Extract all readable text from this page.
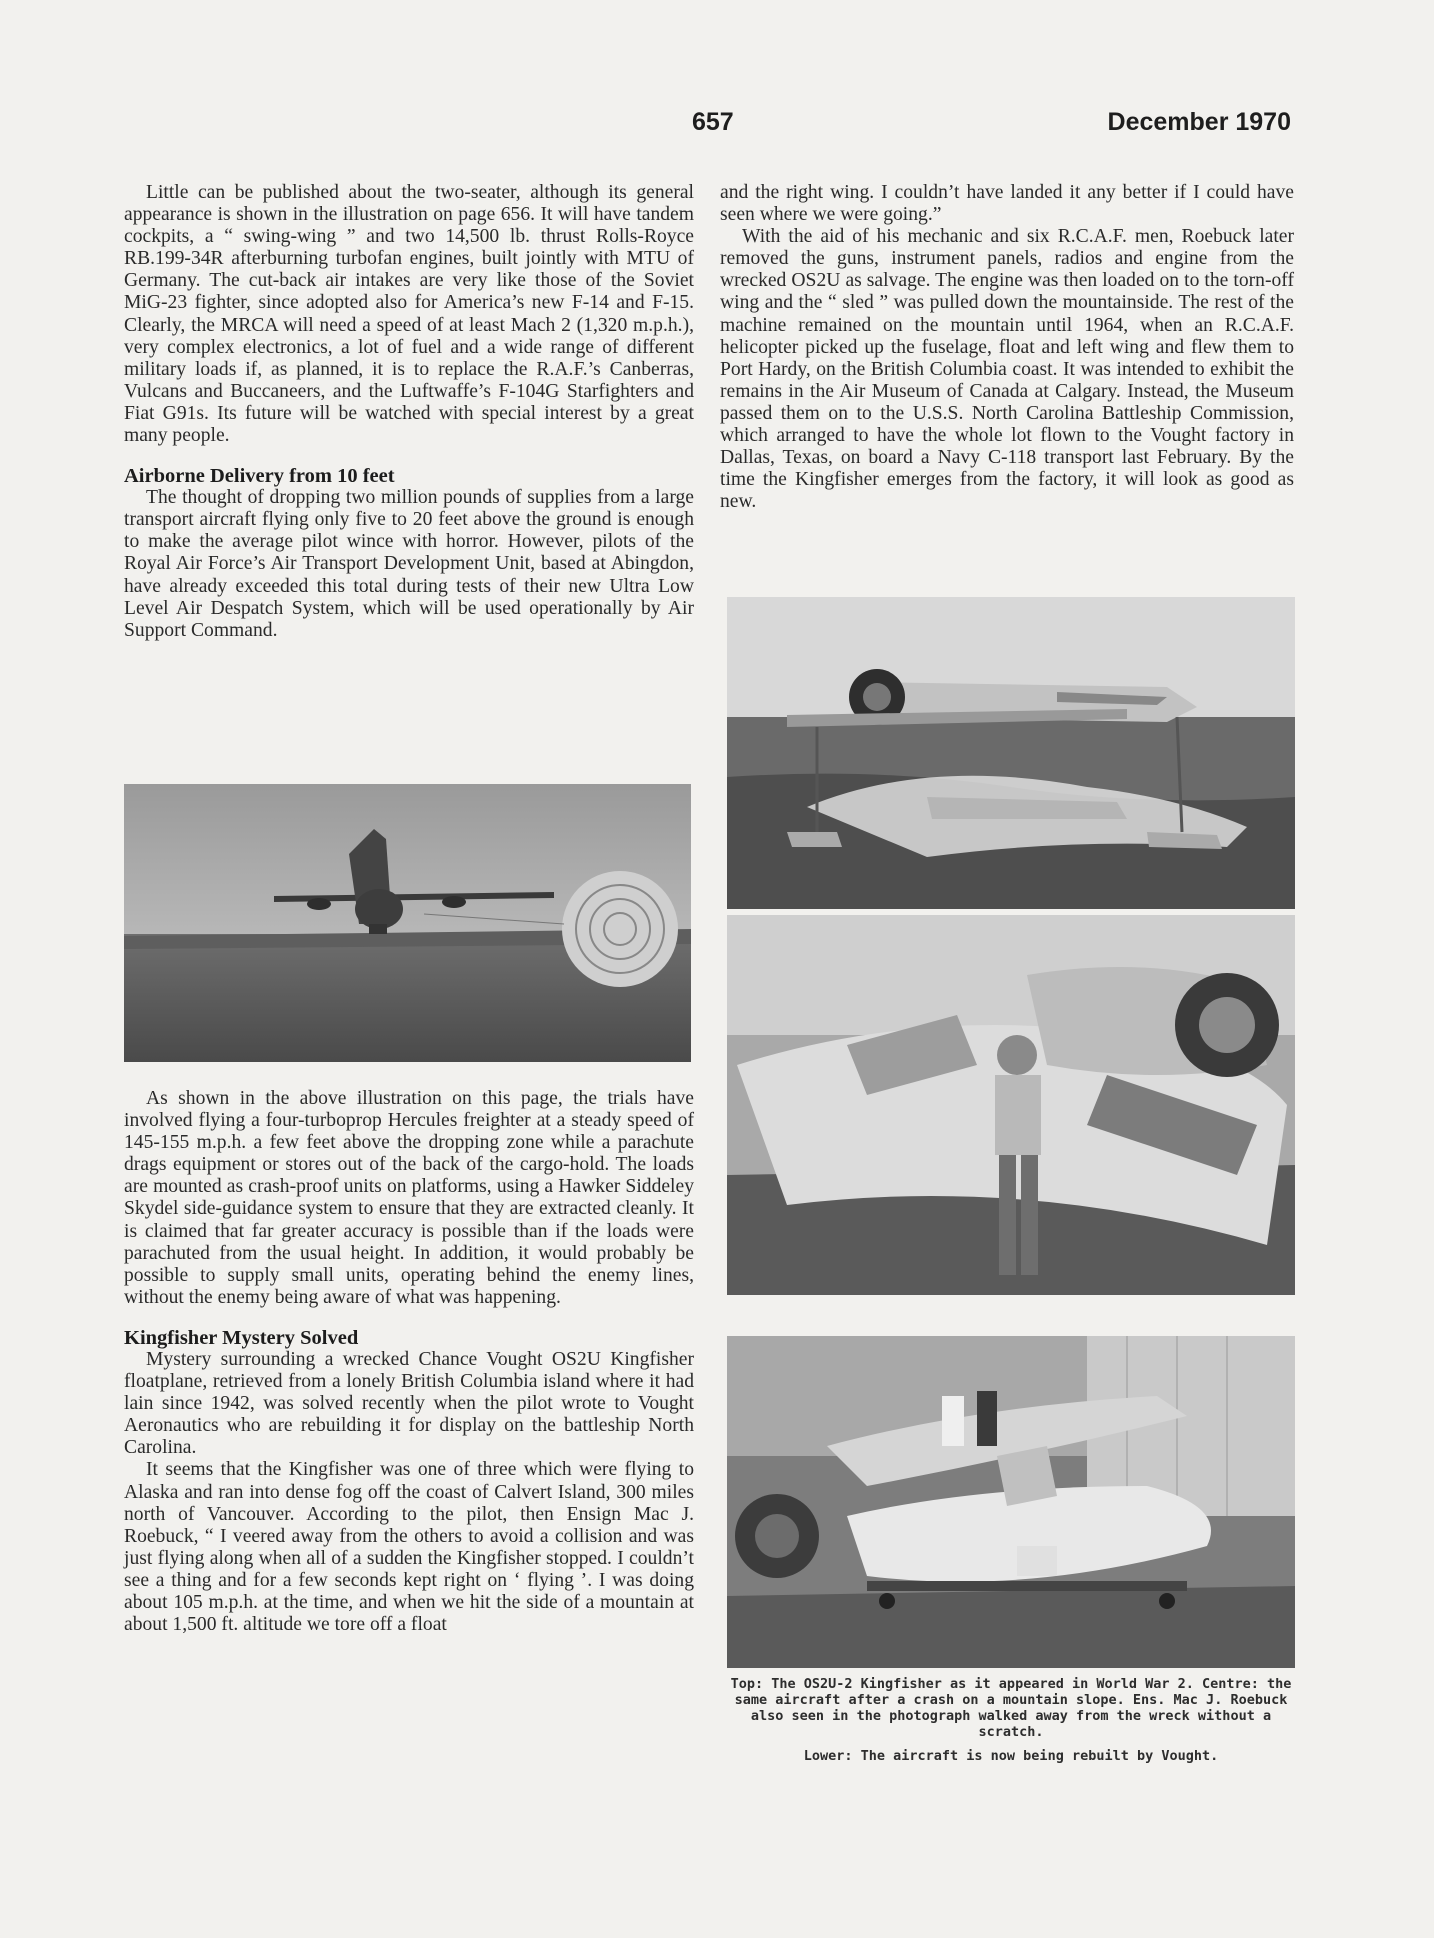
657	December 1970

Little can be published about the two-seater, although its general appearance is shown in the illustration on page 656. It will have tandem cockpits, a “ swing-wing ” and two 14,500 lb. thrust Rolls-Royce RB.199-34R afterburning turbofan engines, built jointly with MTU of Germany. The cut-back air intakes are very like those of the Soviet MiG-23 fighter, since adopted also for America’s new F-14 and F-15. Clearly, the MRCA will need a speed of at least Mach 2 (1,320 m.p.h.), very complex electronics, a lot of fuel and a wide range of different military loads if, as planned, it is to replace the R.A.F.’s Canberras, Vulcans and Buccaneers, and the Luftwaffe’s F-104G Starfighters and Fiat G91s. Its future will be watched with special interest by a great many people.

Airborne Delivery from 10 feet

The thought of dropping two million pounds of supplies from a large transport aircraft flying only five to 20 feet above the ground is enough to make the average pilot wince with horror. However, pilots of the Royal Air Force’s Air Transport Development Unit, based at Abingdon, have already exceeded this total during tests of their new Ultra Low Level Air Despatch System, which will be used operationally by Air Support Command.

As shown in the above illustration on this page, the trials have involved flying a four-turboprop Hercules freighter at a steady speed of 145-155 m.p.h. a few feet above the dropping zone while a parachute drags equipment or stores out of the back of the cargo-hold. The loads are mounted as crash-proof units on platforms, using a Hawker Siddeley Skydel side-guidance system to ensure that they are extracted cleanly. It is claimed that far greater accuracy is possible than if the loads were parachuted from the usual height. In addition, it would probably be possible to supply small units, operating behind the enemy lines, without the enemy being aware of what was happening.

Kingfisher Mystery Solved

Mystery surrounding a wrecked Chance Vought OS2U Kingfisher floatplane, retrieved from a lonely British Columbia island where it had lain since 1942, was solved recently when the pilot wrote to Vought Aeronautics who are rebuilding it for display on the battleship North Carolina.

It seems that the Kingfisher was one of three which were flying to Alaska and ran into dense fog off the coast of Calvert Island, 300 miles north of Vancouver. According to the pilot, then Ensign Mac J. Roebuck, “ I veered away from the others to avoid a collision and was just flying along when all of a sudden the Kingfisher stopped. I couldn’t see a thing and for a few seconds kept right on ‘ flying ’. I was doing about 105 m.p.h. at the time, and when we hit the side of a mountain at about 1,500 ft. altitude we tore off a float

and the right wing. I couldn’t have landed it any better if I could have seen where we were going.”

With the aid of his mechanic and six R.C.A.F. men, Roebuck later removed the guns, instrument panels, radios and engine from the wrecked OS2U as salvage. The engine was then loaded on to the torn-off wing and the “ sled ” was pulled down the mountainside. The rest of the machine remained on the mountain until 1964, when an R.C.A.F. helicopter picked up the fuselage, float and left wing and flew them to Port Hardy, on the British Columbia coast. It was intended to exhibit the remains in the Air Museum of Canada at Calgary. Instead, the Museum passed them on to the U.S.S. North Carolina Battleship Commission, which arranged to have the whole lot flown to the Vought factory in Dallas, Texas, on board a Navy C-118 transport last February. By the time the Kingfisher emerges from the factory, it will look as good as new.

Top: The OS2U-2 Kingfisher as it appeared in World War 2. Centre: the same aircraft after a crash on a mountain slope. Ens. Mac J. Roebuck also seen in the photograph walked away from the wreck without a scratch.

Lower: The aircraft is now being rebuilt by Vought.
